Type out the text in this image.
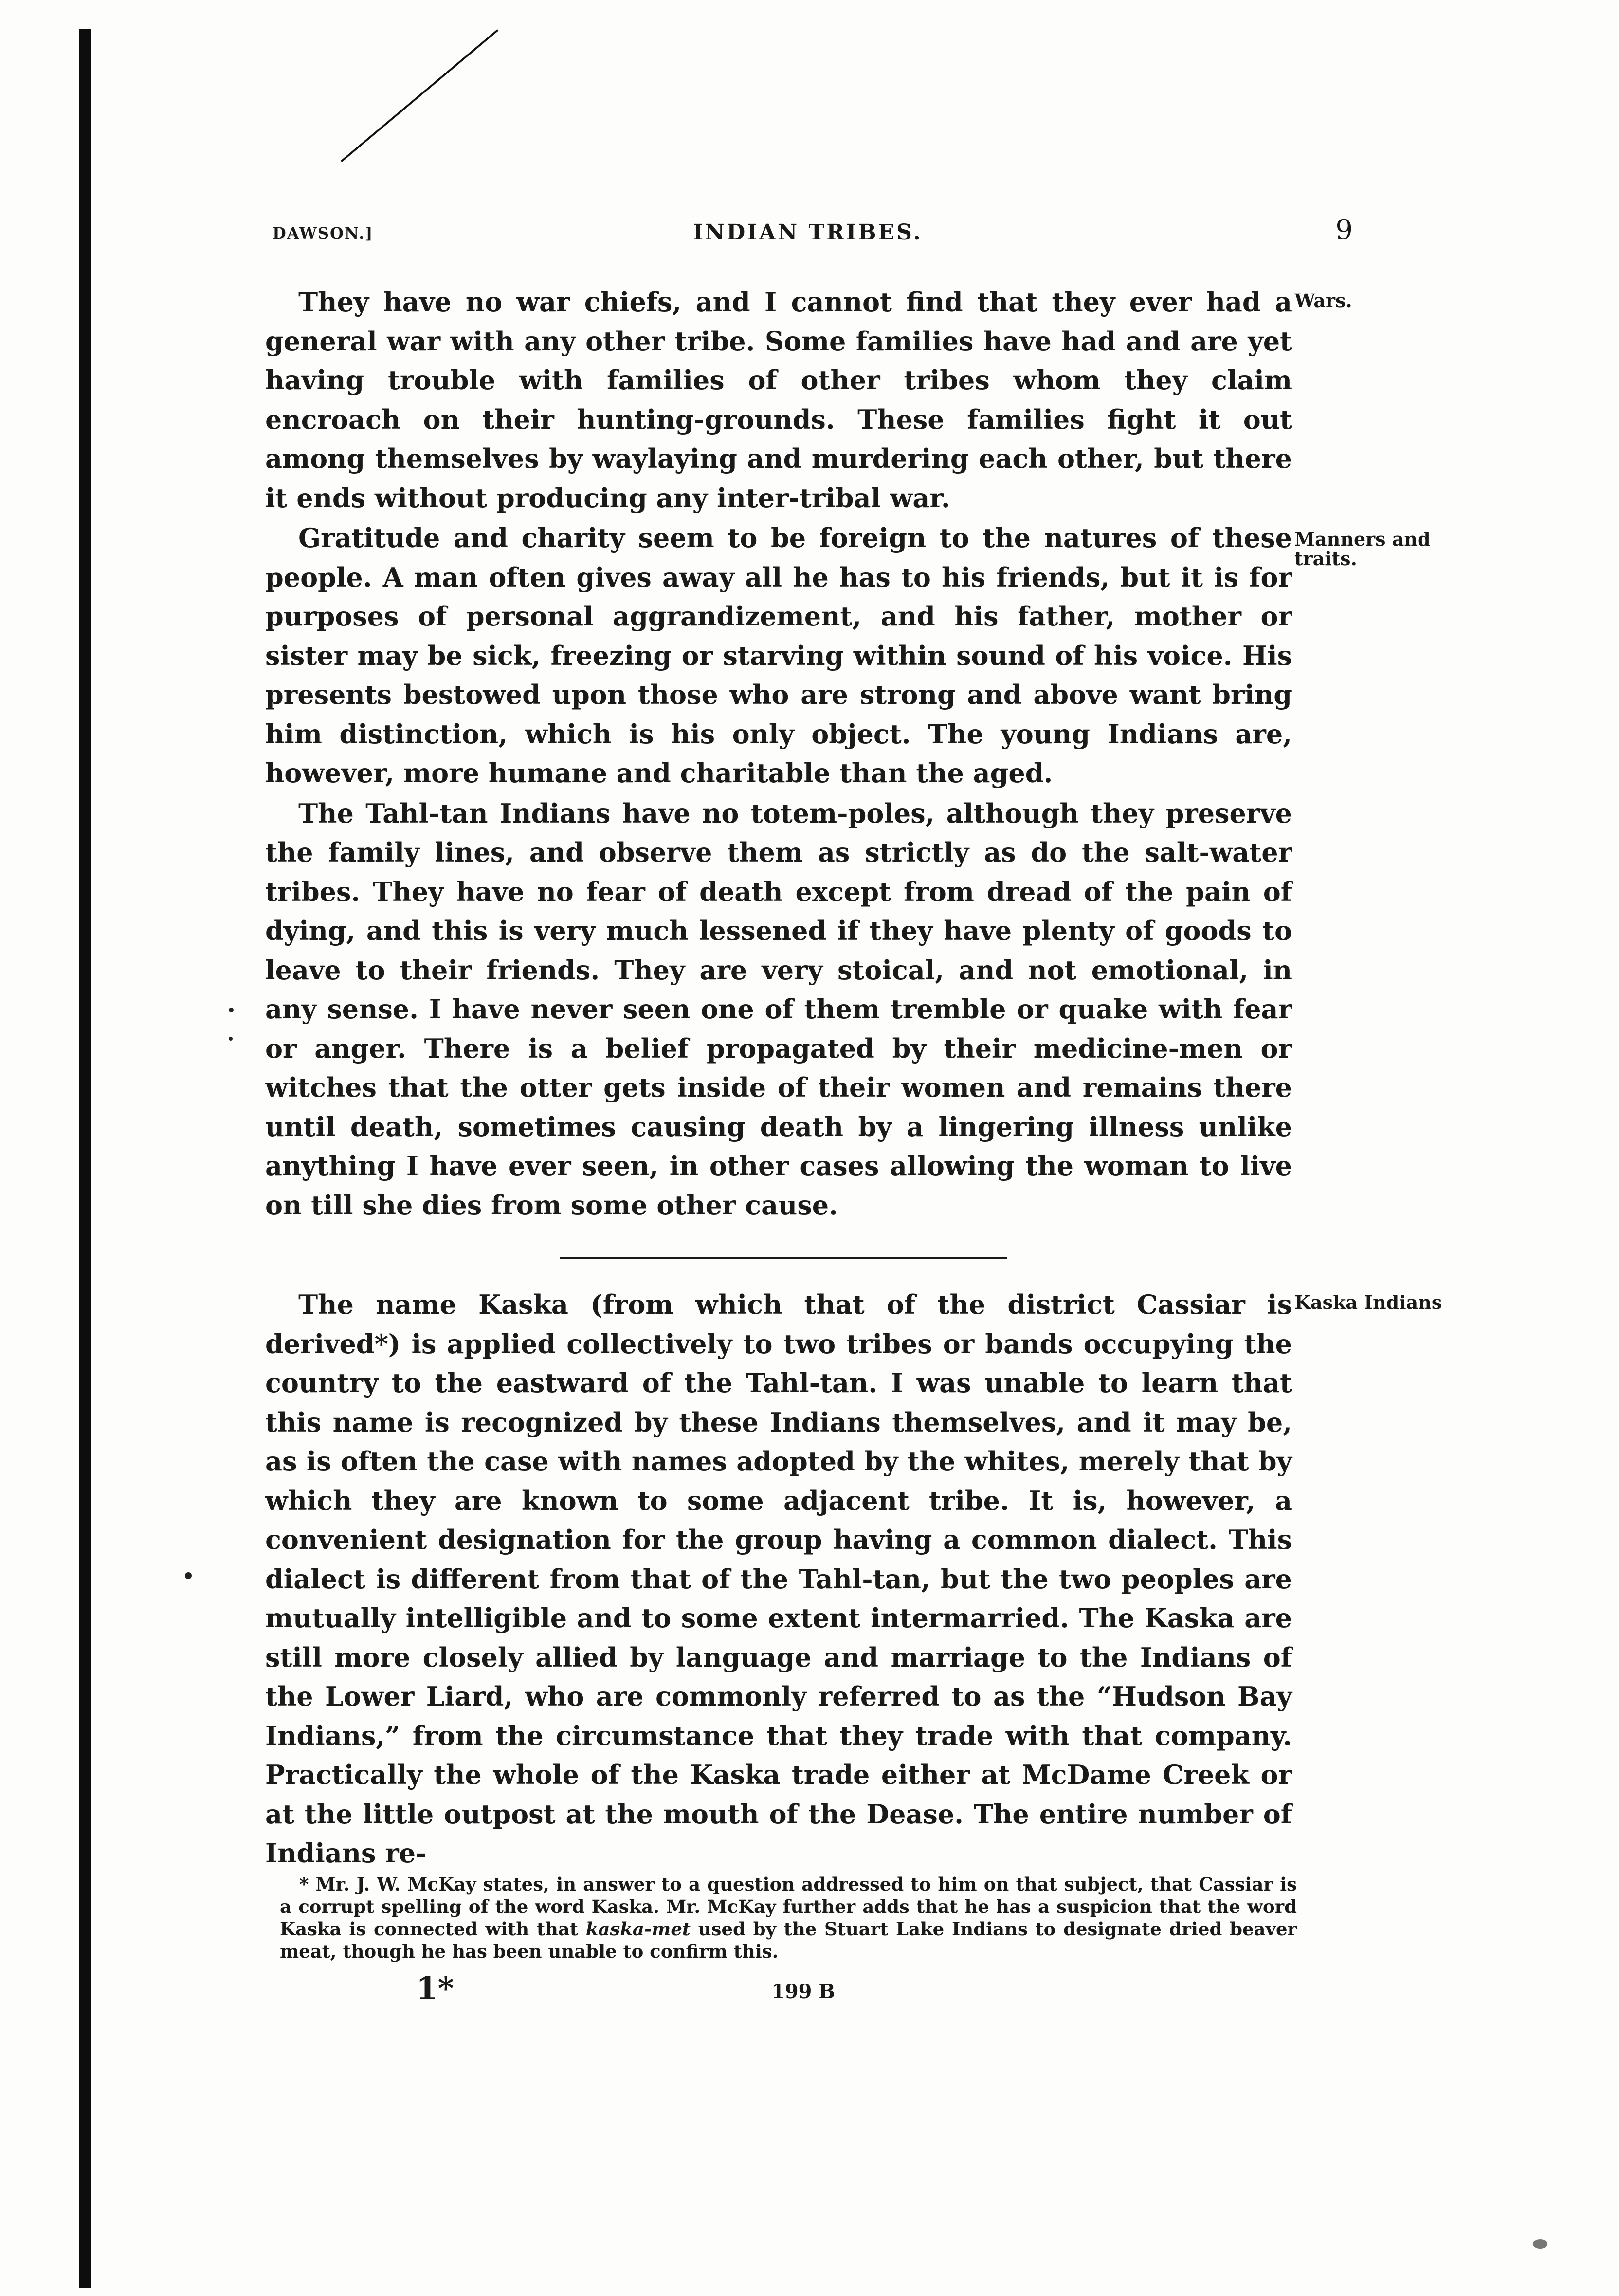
DAWSON.]	INDIAN TRIBES.	9

They have no war chiefs, and I cannot find that they ever had a general war with any other tribe. Some families have had and are yet having trouble with families of other tribes whom they claim encroach on their hunting-grounds. These families fight it out among themselves by waylaying and murdering each other, but there it ends without producing any inter-tribal war.

Gratitude and charity seem to be foreign to the natures of these people. A man often gives away all he has to his friends, but it is for purposes of personal aggrandizement, and his father, mother or sister may be sick, freezing or starving within sound of his voice. His presents bestowed upon those who are strong and above want bring him distinction, which is his only object. The young Indians are, however, more humane and charitable than the aged.

The Tahl-tan Indians have no totem-poles, although they preserve the family lines, and observe them as strictly as do the salt-water tribes. They have no fear of death except from dread of the pain of dying, and this is very much lessened if they have plenty of goods to leave to their friends. They are very stoical, and not emotional, in any sense. I have never seen one of them tremble or quake with fear or anger. There is a belief propagated by their medicine-men or witches that the otter gets inside of their women and remains there until death, sometimes causing death by a lingering illness unlike anything I have ever seen, in other cases allowing the woman to live on till she dies from some other cause.

Wars.
Manners and traits.

The name Kaska (from which that of the district Cassiar is derived*) is applied collectively to two tribes or bands occupying the country to the eastward of the Tahl-tan. I was unable to learn that this name is recognized by these Indians themselves, and it may be, as is often the case with names adopted by the whites, merely that by which they are known to some adjacent tribe. It is, however, a convenient designation for the group having a common dialect. This dialect is different from that of the Tahl-tan, but the two peoples are mutually intelligible and to some extent intermarried. The Kaska are still more closely allied by language and marriage to the Indians of the Lower Liard, who are commonly referred to as the “Hudson Bay Indians,” from the circumstance that they trade with that company. Practically the whole of the Kaska trade either at McDame Creek or at the little outpost at the mouth of the Dease. The entire number of Indians re-

Kaska Indians
* Mr. J. W. McKay states, in answer to a question addressed to him on that subject, that Cassiar is a corrupt spelling of the word Kaska. Mr. McKay further adds that he has a suspicion that the word Kaska is connected with that kaska-met used by the Stuart Lake Indians to designate dried beaver meat, though he has been unable to confirm this.
1*	199 B
